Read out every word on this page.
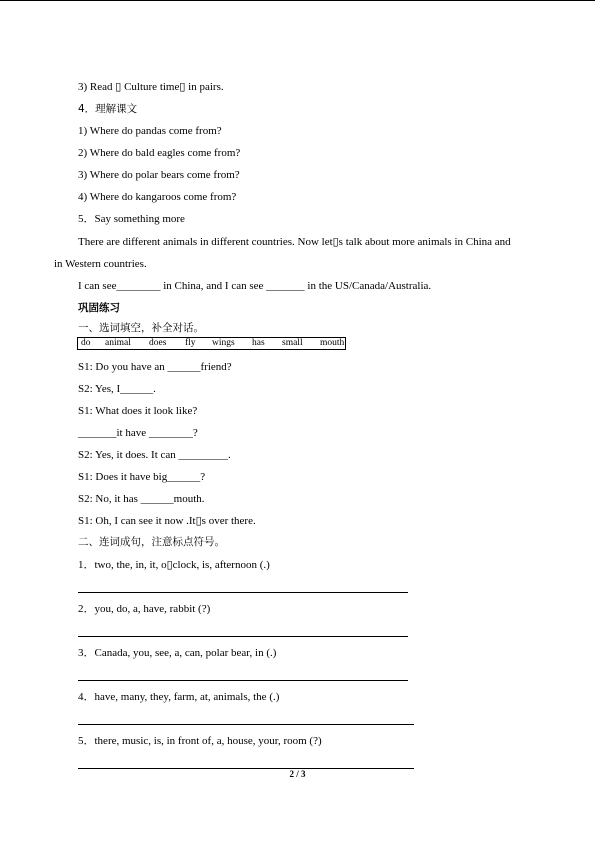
3) Read ▯ Culture time▯ in pairs.
4．理解课文
1) Where do pandas come from?
2) Where do bald eagles come from?
3) Where do polar bears come from?
4) Where do kangaroos come from?
5．Say something more
There are different animals in different countries. Now let▯s talk about more animals in China and
in Western countries.
I can see________ in China, and I can see _______ in the US/Canada/Australia.
巩固练习
一、选词填空，补全对话。
do animal does fly wings has small mouth
S1: Do you have an ______friend?
S2: Yes, I______.
S1: What does it look like?
_______it have ________?
S2: Yes, it does. It can _________.
S1: Does it have big______?
S2: No, it has ______mouth.
S1: Oh, I can see it now .It▯s over there.
二、连词成句，注意标点符号。
1．two, the, in, it, o▯clock, is, afternoon (.)
2．you, do, a, have, rabbit (?)
3．Canada, you, see, a, can, polar bear, in (.)
4．have, many, they, farm, at, animals, the (.)
5．there, music, is, in front of, a, house, your, room (?)
2 / 3
